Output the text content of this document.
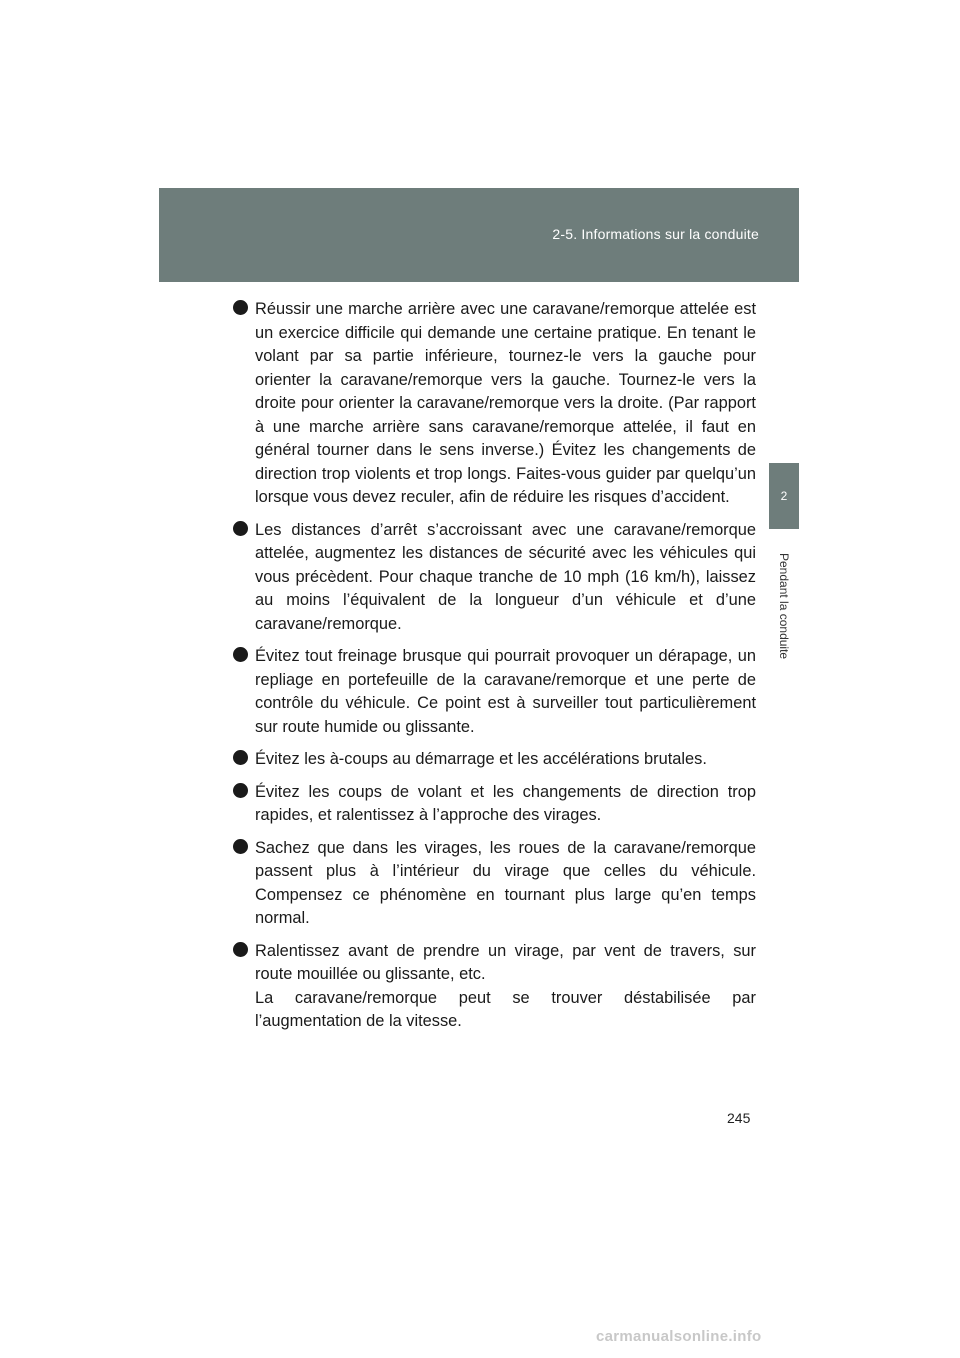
2-5. Informations sur la conduite
2
Pendant la conduite
Réussir une marche arrière avec une caravane/remorque attelée est un exercice difficile qui demande une certaine pratique. En tenant le volant par sa partie inférieure, tournez-le vers la gauche pour orienter la caravane/remorque vers la gauche. Tournez-le vers la droite pour orienter la caravane/remorque vers la droite. (Par rapport à une marche arrière sans caravane/remorque attelée, il faut en général tourner dans le sens inverse.) Évitez les changements de direction trop violents et trop longs. Faites-vous guider par quelqu’un lorsque vous devez reculer, afin de réduire les risques d’accident.
Les distances d’arrêt s’accroissant avec une caravane/remorque attelée, augmentez les distances de sécurité avec les véhicules qui vous précèdent. Pour chaque tranche de 10 mph (16 km/h), laissez au moins l’équivalent de la longueur d’un véhicule et d’une caravane/remorque.
Évitez tout freinage brusque qui pourrait provoquer un dérapage, un repliage en portefeuille de la caravane/remorque et une perte de contrôle du véhicule. Ce point est à surveiller tout particulièrement sur route humide ou glissante.
Évitez les à-coups au démarrage et les accélérations brutales.
Évitez les coups de volant et les changements de direction trop rapides, et ralentissez à l’approche des virages.
Sachez que dans les virages, les roues de la caravane/remorque passent plus à l’intérieur du virage que celles du véhicule. Compensez ce phénomène en tournant plus large qu’en temps normal.
Ralentissez avant de prendre un virage, par vent de travers, sur route mouillée ou glissante, etc.
La caravane/remorque peut se trouver déstabilisée par l’augmentation de la vitesse.
245
carmanualsonline.info
